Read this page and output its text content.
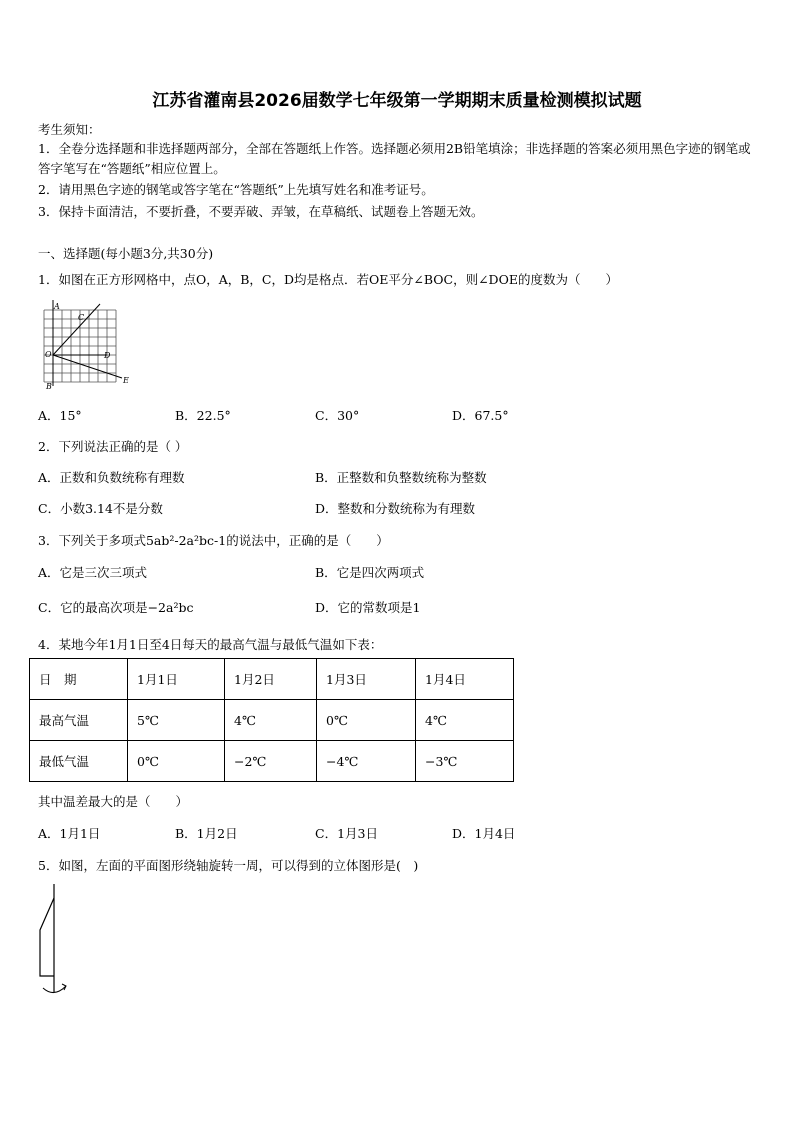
江苏省灌南县2026届数学七年级第一学期期末质量检测模拟试题
考生须知：
1．全卷分选择题和非选择题两部分，全部在答题纸上作答。选择题必须用2B铅笔填涂；非选择题的答案必须用黑色字迹的钢笔或答字笔写在“答题纸”相应位置上。
2．请用黑色字迹的钢笔或答字笔在“答题纸”上先填写姓名和准考证号。
3．保持卡面清洁，不要折叠，不要弄破、弄皱，在草稿纸、试题卷上答题无效。
一、选择题(每小题3分,共30分)
1．如图在正方形网格中，点O，A，B，C，D均是格点．若OE平分∠BOC，则∠DOE的度数为（　　）
A
C
O	D
B
E
A．15°	B．22.5°	C．30°	D．67.5°
2．下列说法正确的是（ ）
A．正数和负数统称有理数	B．正整数和负整数统称为整数
C．小数3.14不是分数	D．整数和分数统称为有理数
3．下列关于多项式5ab²-2a²bc-1的说法中，正确的是（　　）
A．它是三次三项式	B．它是四次两项式
C．它的最高次项是−2a²bc	D．它的常数项是1
4．某地今年1月1日至4日每天的最高气温与最低气温如下表：
日　期	1月1日	1月2日	1月3日	1月4日
最高气温	5℃	4℃	0℃	4℃
最低气温	0℃	−2℃	−4℃	−3℃
其中温差最大的是（　　）
A．1月1日	B．1月2日	C．1月3日	D．1月4日
5．如图，左面的平面图形绕轴旋转一周，可以得到的立体图形是(　)
